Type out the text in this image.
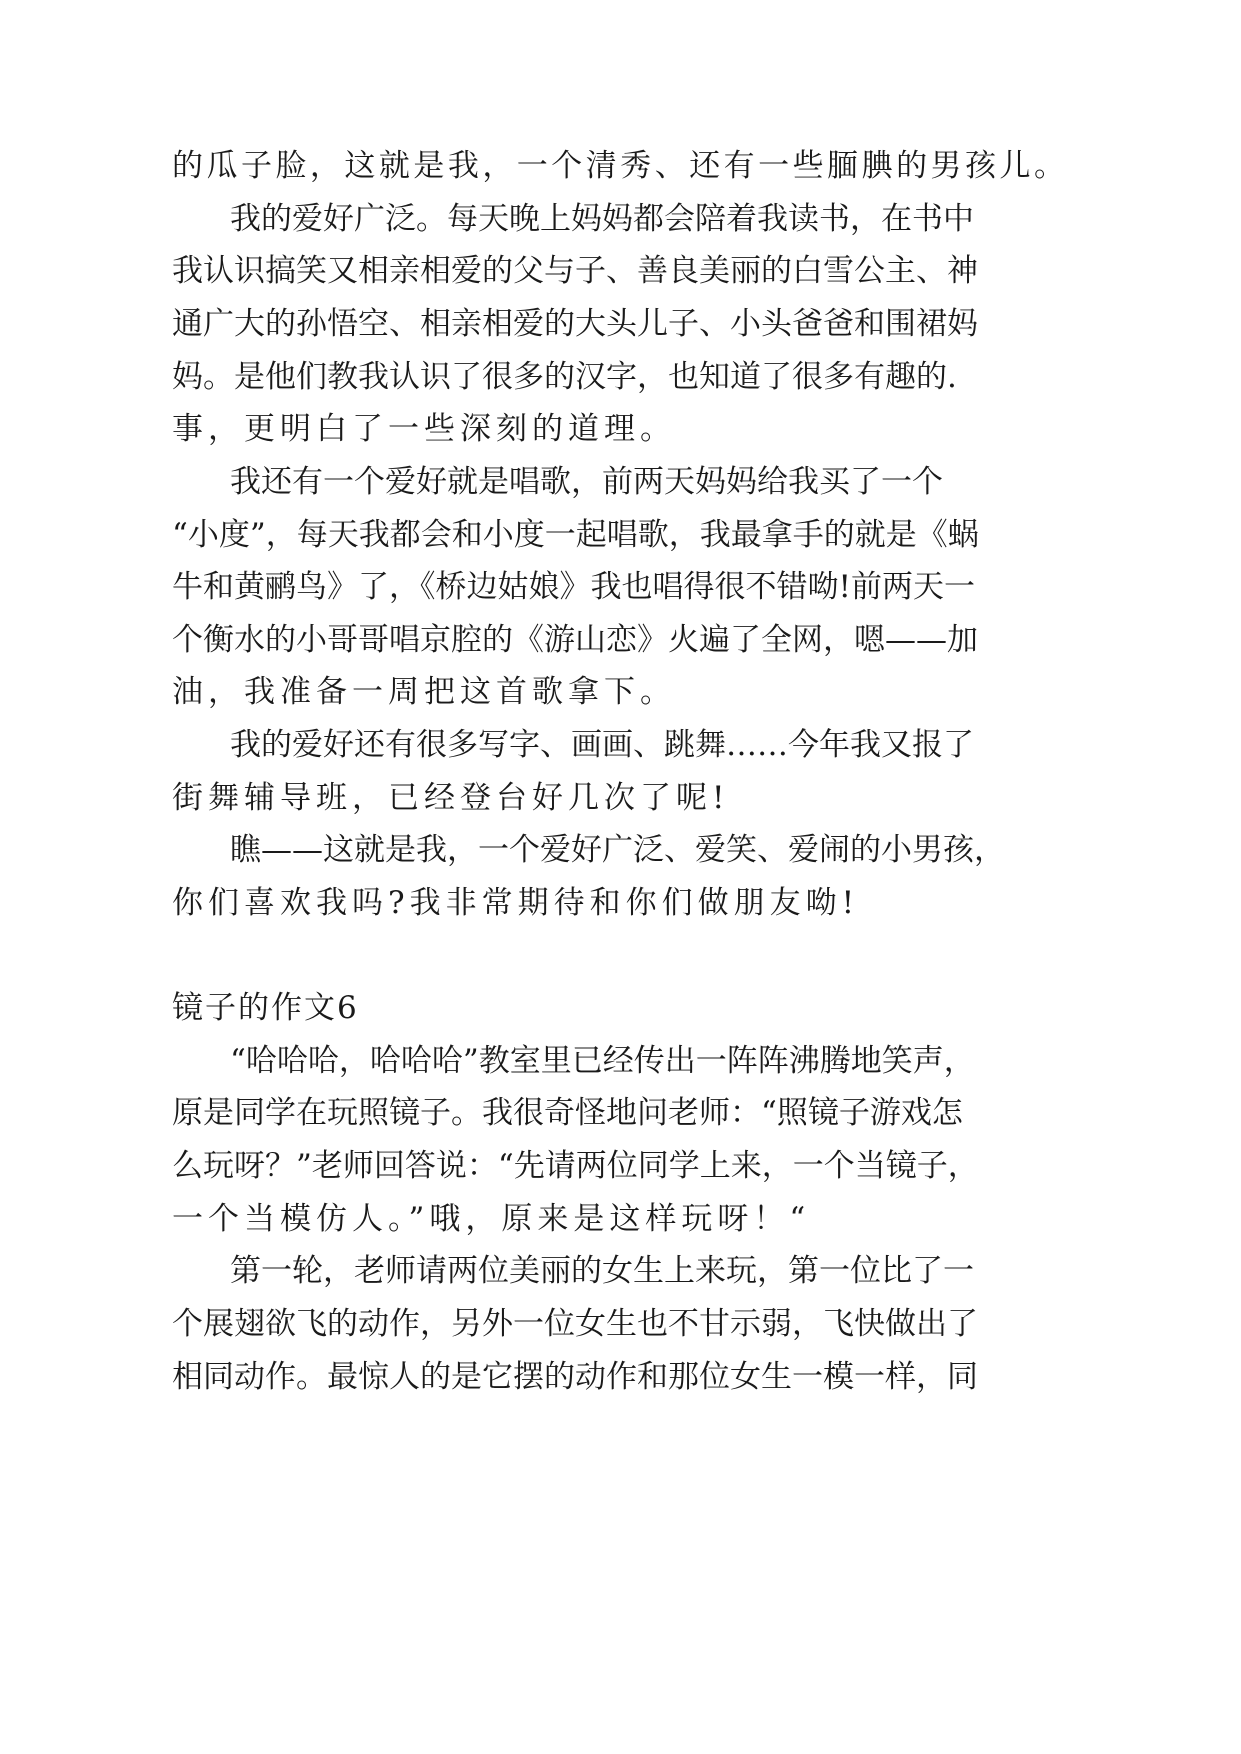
的瓜子脸，这就是我，一个清秀、还有一些腼腆的男孩儿。
我的爱好广泛。每天晚上妈妈都会陪着我读书，在书中
我认识搞笑又相亲相爱的父与子、善良美丽的白雪公主、神
通广大的孙悟空、相亲相爱的大头儿子、小头爸爸和围裙妈
妈。是他们教我认识了很多的汉字，也知道了很多有趣的.
事，更明白了一些深刻的道理。
我还有一个爱好就是唱歌，前两天妈妈给我买了一个
“小度”，每天我都会和小度一起唱歌，我最拿手的就是《蜗
牛和黄鹂鸟》了，《桥边姑娘》我也唱得很不错呦!前两天一
个衡水的小哥哥唱京腔的《游山恋》火遍了全网，嗯——加
油，我准备一周把这首歌拿下。
我的爱好还有很多写字、画画、跳舞……今年我又报了
街舞辅导班，已经登台好几次了呢!
瞧——这就是我，一个爱好广泛、爱笑、爱闹的小男孩，
你们喜欢我吗?我非常期待和你们做朋友呦!
镜子的作文6
“哈哈哈，哈哈哈”教室里已经传出一阵阵沸腾地笑声，
原是同学在玩照镜子。我很奇怪地问老师：“照镜子游戏怎
么玩呀？”老师回答说：“先请两位同学上来，一个当镜子，
一个当模仿人。”哦，原来是这样玩呀！“
第一轮，老师请两位美丽的女生上来玩，第一位比了一
个展翅欲飞的动作，另外一位女生也不甘示弱，飞快做出了
相同动作。最惊人的是它摆的动作和那位女生一模一样，同
